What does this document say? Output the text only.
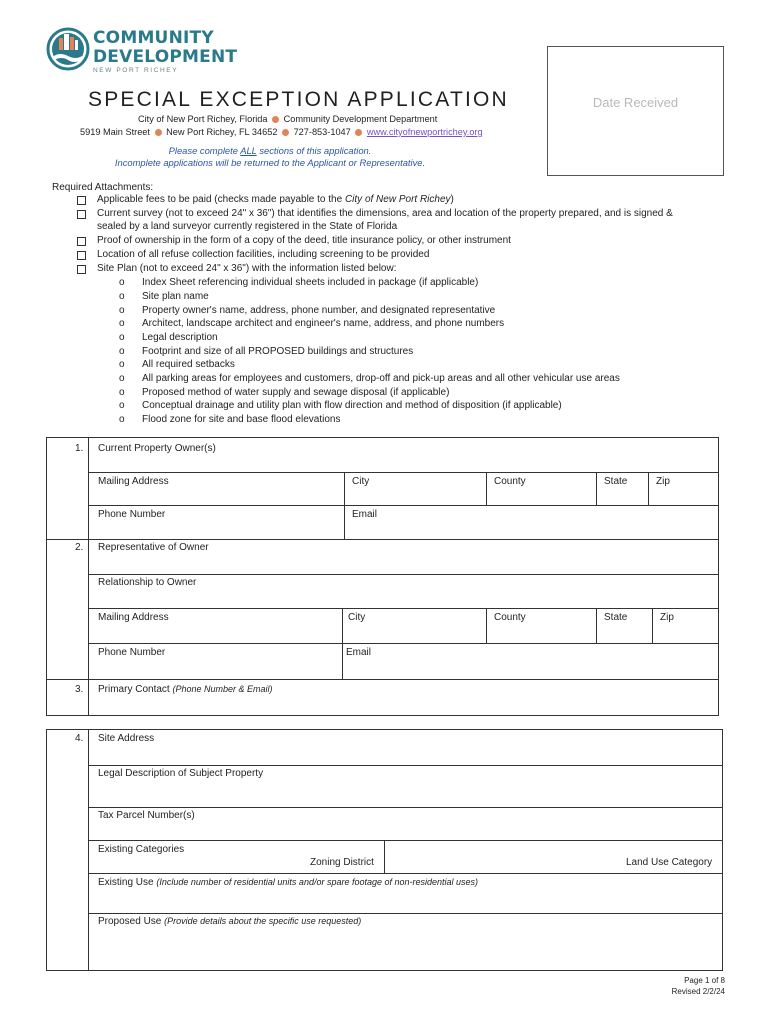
COMMUNITY
DEVELOPMENT
NEW PORT RICHEY
Date Received
SPECIAL EXCEPTION APPLICATION
City of New Port Richey, Florida Community Development Department
5919 Main Street New Port Richey, FL 34652 727-853-1047 www.cityofnewportrichey.org
Please complete ALL sections of this application.
Incomplete applications will be returned to the Applicant or Representative.
Required Attachments:
Applicable fees to be paid (checks made payable to the City of New Port Richey)
Current survey (not to exceed 24" x 36") that identifies the dimensions, area and location of the property prepared, and is signed &
sealed by a land surveyor currently registered in the State of Florida
Proof of ownership in the form of a copy of the deed, title insurance policy, or other instrument
Location of all refuse collection facilities, including screening to be provided
Site Plan (not to exceed 24" x 36") with the information listed below:
o Index Sheet referencing individual sheets included in package (if applicable)
o Site plan name
o Property owner's name, address, phone number, and designated representative
o Architect, landscape architect and engineer's name, address, and phone numbers
o Legal description
o Footprint and size of all PROPOSED buildings and structures
o All required setbacks
o All parking areas for employees and customers, drop-off and pick-up areas and all other vehicular use areas
o Proposed method of water supply and sewage disposal (if applicable)
o Conceptual drainage and utility plan with flow direction and method of disposition (if applicable)
o Flood zone for site and base flood elevations
1. Current Property Owner(s)
Mailing Address	City	County	State	Zip
Phone Number	Email
2. Representative of Owner
Relationship to Owner
Mailing Address	City	County	State	Zip
Phone Number	Email
3. Primary Contact (Phone Number & Email)
4. Site Address
Legal Description of Subject Property
Tax Parcel Number(s)
Existing Categories
Zoning District	Land Use Category
Existing Use (Include number of residential units and/or spare footage of non-residential uses)
Proposed Use (Provide details about the specific use requested)
Page 1 of 8
Revised 2/2/24
